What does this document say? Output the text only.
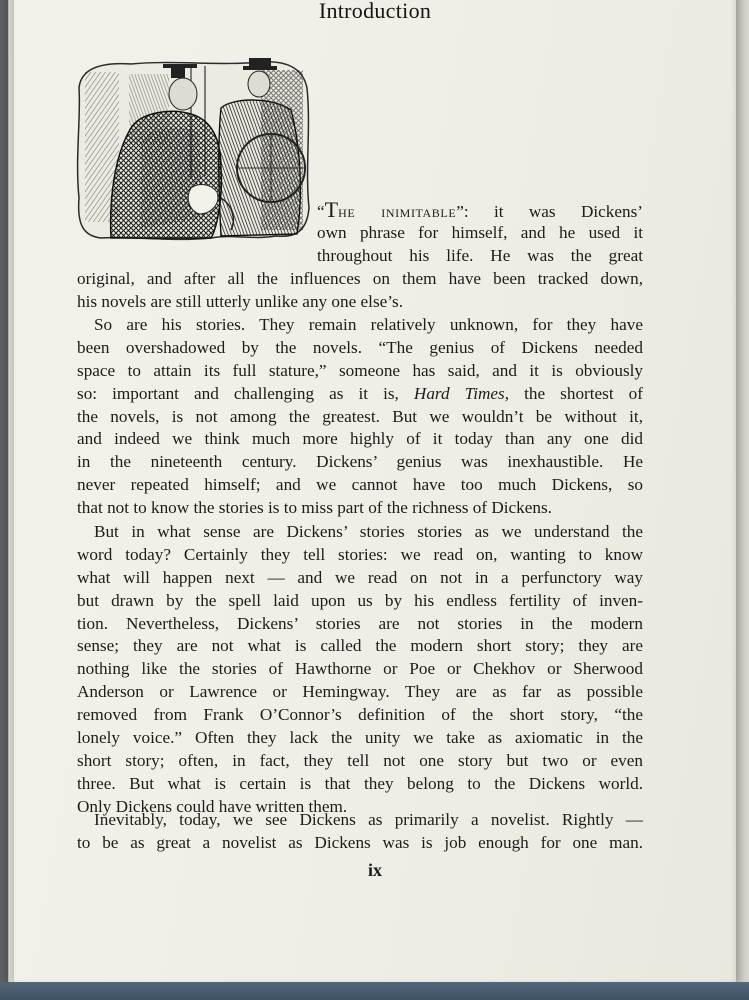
Introduction
“The inimitable”: it was Dickens’
own phrase for himself, and he used it
throughout his life. He was the great
original, and after all the influences on them have been tracked down,
his novels are still utterly unlike any one else’s.
So are his stories. They remain relatively unknown, for they have
been overshadowed by the novels. “The genius of Dickens needed
space to attain its full stature,” someone has said, and it is obviously
so: important and challenging as it is, Hard Times, the shortest of
the novels, is not among the greatest. But we wouldn’t be without it,
and indeed we think much more highly of it today than any one did
in the nineteenth century. Dickens’ genius was inexhaustible. He
never repeated himself; and we cannot have too much Dickens, so
that not to know the stories is to miss part of the richness of Dickens.
But in what sense are Dickens’ stories stories as we understand the
word today? Certainly they tell stories: we read on, wanting to know
what will happen next — and we read on not in a perfunctory way
but drawn by the spell laid upon us by his endless fertility of inven-
tion. Nevertheless, Dickens’ stories are not stories in the modern
sense; they are not what is called the modern short story; they are
nothing like the stories of Hawthorne or Poe or Chekhov or Sherwood
Anderson or Lawrence or Hemingway. They are as far as possible
removed from Frank O’Connor’s definition of the short story, “the
lonely voice.” Often they lack the unity we take as axiomatic in the
short story; often, in fact, they tell not one story but two or even
three. But what is certain is that they belong to the Dickens world.
Only Dickens could have written them.
Inevitably, today, we see Dickens as primarily a novelist. Rightly —
to be as great a novelist as Dickens was is job enough for one man.
ix
